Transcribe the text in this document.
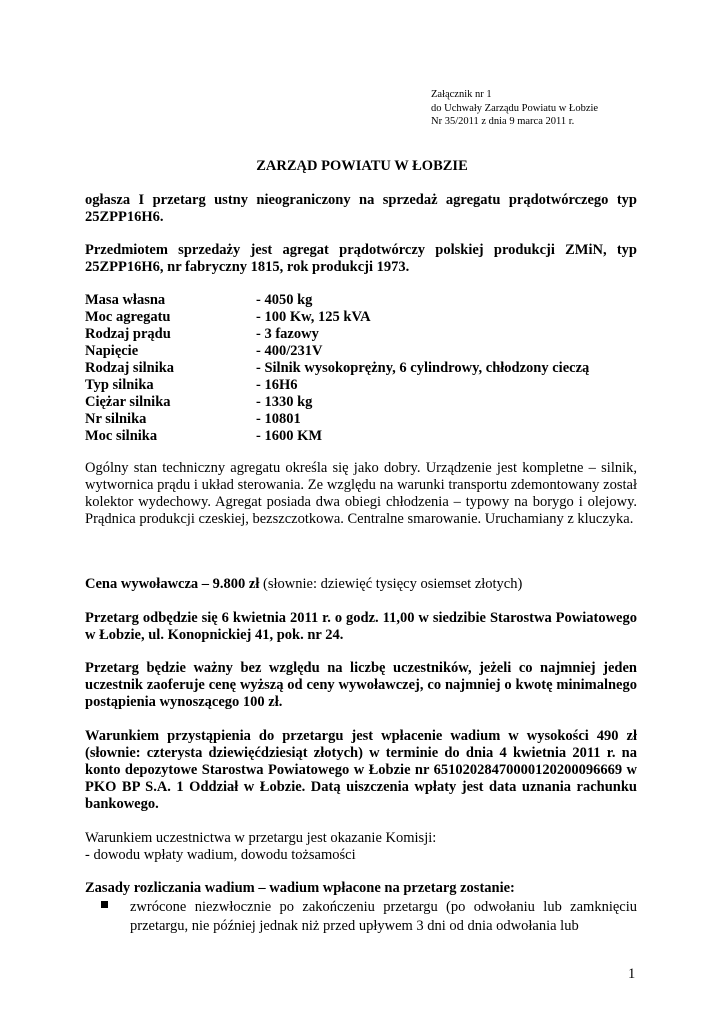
Załącznik nr 1
do Uchwały Zarządu Powiatu w Łobzie
Nr 35/2011 z dnia 9 marca 2011 r.
ZARZĄD POWIATU W ŁOBZIE
ogłasza I przetarg ustny nieograniczony na sprzedaż agregatu prądotwórczego typ 25ZPP16H6.
Przedmiotem sprzedaży jest agregat prądotwórczy polskiej produkcji ZMiN, typ 25ZPP16H6, nr fabryczny 1815, rok produkcji 1973.
Masa własna	- 4050 kg
Moc agregatu	- 100 Kw, 125 kVA
Rodzaj prądu	- 3 fazowy
Napięcie	- 400/231V
Rodzaj silnika	- Silnik wysokoprężny, 6 cylindrowy, chłodzony cieczą
Typ silnika	- 16H6
Ciężar silnika	- 1330 kg
Nr silnika	- 10801
Moc silnika	- 1600 KM
Ogólny stan techniczny agregatu określa się jako dobry. Urządzenie jest kompletne – silnik, wytwornica prądu i układ sterowania. Ze względu na warunki transportu zdemontowany został kolektor wydechowy. Agregat posiada dwa obiegi chłodzenia – typowy na borygo i olejowy. Prądnica produkcji czeskiej, bezszczotkowa. Centralne smarowanie. Uruchamiany z kluczyka.
Cena wywoławcza – 9.800 zł (słownie: dziewięć tysięcy osiemset złotych)
Przetarg odbędzie się 6 kwietnia 2011 r. o godz. 11,00 w siedzibie Starostwa Powiatowego w Łobzie, ul. Konopnickiej 41, pok. nr 24.
Przetarg będzie ważny bez względu na liczbę uczestników, jeżeli co najmniej jeden uczestnik zaoferuje cenę wyższą od ceny wywoławczej, co najmniej o kwotę minimalnego postąpienia wynoszącego 100 zł.
Warunkiem przystąpienia do przetargu jest wpłacenie wadium w wysokości 490 zł (słownie: czterysta dziewięćdziesiąt złotych) w terminie do dnia 4 kwietnia 2011 r. na konto depozytowe Starostwa Powiatowego w Łobzie nr 65102028470000120200096669 w PKO BP S.A. 1 Oddział w Łobzie. Datą uiszczenia wpłaty jest data uznania rachunku bankowego.
Warunkiem uczestnictwa w przetargu jest okazanie Komisji:
- dowodu wpłaty wadium, dowodu tożsamości
Zasady rozliczania wadium – wadium wpłacone na przetarg zostanie:
zwrócone niezwłocznie po zakończeniu przetargu (po odwołaniu lub zamknięciu przetargu, nie później jednak niż przed upływem 3 dni od dnia odwołania lub
1
